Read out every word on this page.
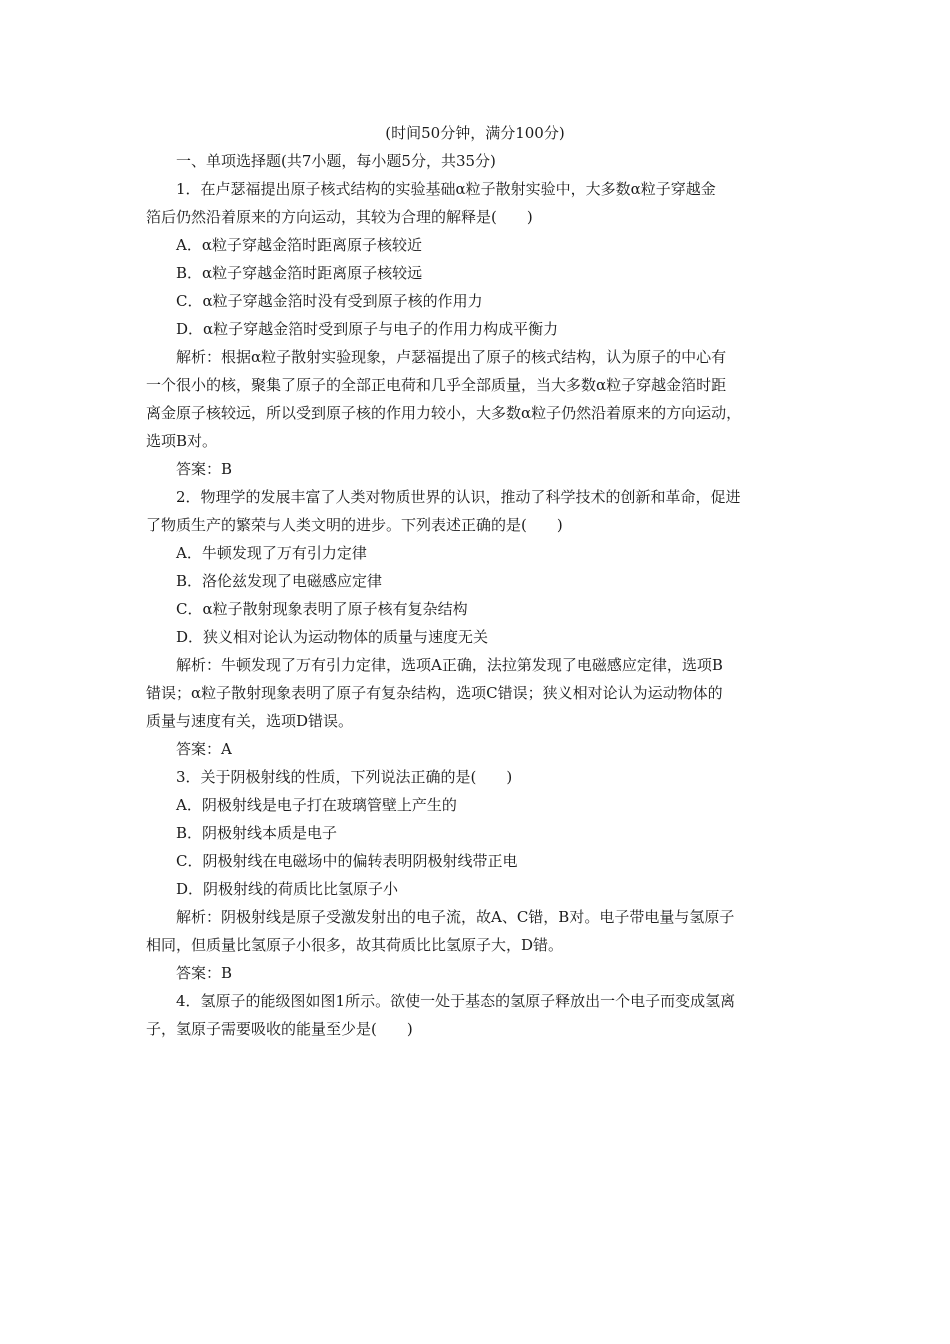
(时间50分钟，满分100分)
一、单项选择题(共7小题，每小题5分，共35分)
1．在卢瑟福提出原子核式结构的实验基础α粒子散射实验中，大多数α粒子穿越金
箔后仍然沿着原来的方向运动，其较为合理的解释是(　　)
A．α粒子穿越金箔时距离原子核较近
B．α粒子穿越金箔时距离原子核较远
C．α粒子穿越金箔时没有受到原子核的作用力
D．α粒子穿越金箔时受到原子与电子的作用力构成平衡力
解析：根据α粒子散射实验现象，卢瑟福提出了原子的核式结构，认为原子的中心有
一个很小的核，聚集了原子的全部正电荷和几乎全部质量，当大多数α粒子穿越金箔时距
离金原子核较远，所以受到原子核的作用力较小，大多数α粒子仍然沿着原来的方向运动，
选项B对。
答案：B
2．物理学的发展丰富了人类对物质世界的认识，推动了科学技术的创新和革命，促进
了物质生产的繁荣与人类文明的进步。下列表述正确的是(　　)
A．牛顿发现了万有引力定律
B．洛伦兹发现了电磁感应定律
C．α粒子散射现象表明了原子核有复杂结构
D．狭义相对论认为运动物体的质量与速度无关
解析：牛顿发现了万有引力定律，选项A正确，法拉第发现了电磁感应定律，选项B
错误；α粒子散射现象表明了原子有复杂结构，选项C错误；狭义相对论认为运动物体的
质量与速度有关，选项D错误。
答案：A
3．关于阴极射线的性质，下列说法正确的是(　　)
A．阴极射线是电子打在玻璃管壁上产生的
B．阴极射线本质是电子
C．阴极射线在电磁场中的偏转表明阴极射线带正电
D．阴极射线的荷质比比氢原子小
解析：阴极射线是原子受激发射出的电子流，故A、C错，B对。电子带电量与氢原子
相同，但质量比氢原子小很多，故其荷质比比氢原子大，D错。
答案：B
4．氢原子的能级图如图1所示。欲使一处于基态的氢原子释放出一个电子而变成氢离
子，氢原子需要吸收的能量至少是(　　)
